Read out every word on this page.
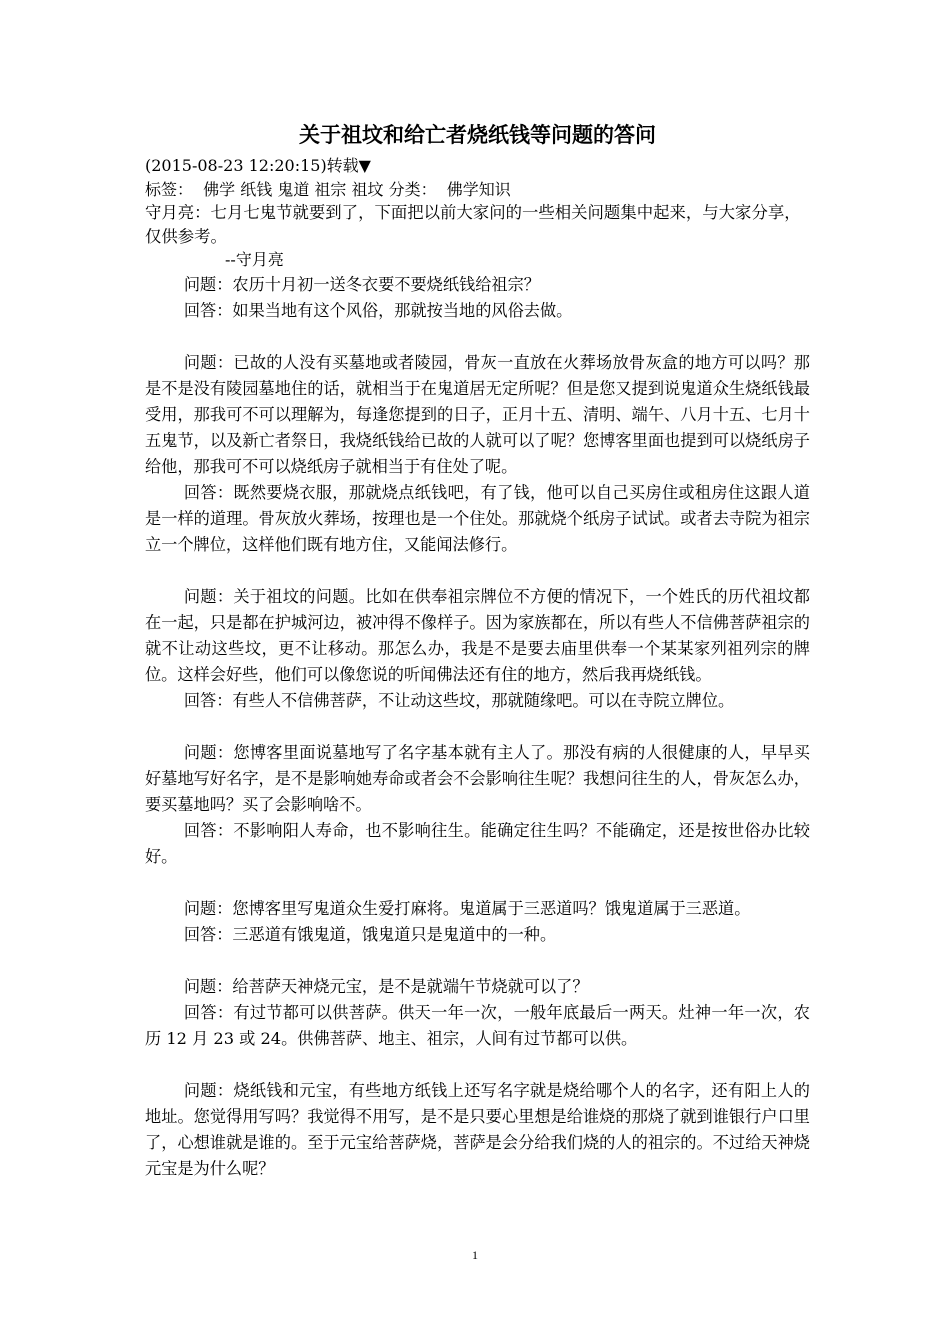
关于祖坟和给亡者烧纸钱等问题的答问

(2015-08-23 12:20:15)转载▼

标签：  佛学 纸钱 鬼道 祖宗 祖坟 分类：  佛学知识

守月亮：七月七鬼节就要到了，下面把以前大家问的一些相关问题集中起来，与大家分享，仅供参考。

--守月亮

问题：农历十月初一送冬衣要不要烧纸钱给祖宗？

回答：如果当地有这个风俗，那就按当地的风俗去做。

问题：已故的人没有买墓地或者陵园，骨灰一直放在火葬场放骨灰盒的地方可以吗？那是不是没有陵园墓地住的话，就相当于在鬼道居无定所呢？但是您又提到说鬼道众生烧纸钱最受用，那我可不可以理解为，每逢您提到的日子，正月十五、清明、端午、八月十五、七月十五鬼节，以及新亡者祭日，我烧纸钱给已故的人就可以了呢？您博客里面也提到可以烧纸房子给他，那我可不可以烧纸房子就相当于有住处了呢。

回答：既然要烧衣服，那就烧点纸钱吧，有了钱，他可以自己买房住或租房住这跟人道是一样的道理。骨灰放火葬场，按理也是一个住处。那就烧个纸房子试试。或者去寺院为祖宗立一个牌位，这样他们既有地方住，又能闻法修行。

问题：关于祖坟的问题。比如在供奉祖宗牌位不方便的情况下，一个姓氏的历代祖坟都在一起，只是都在护城河边，被冲得不像样子。因为家族都在，所以有些人不信佛菩萨祖宗的就不让动这些坟，更不让移动。那怎么办，我是不是要去庙里供奉一个某某家列祖列宗的牌位。这样会好些，他们可以像您说的听闻佛法还有住的地方，然后我再烧纸钱。

回答：有些人不信佛菩萨，不让动这些坟，那就随缘吧。可以在寺院立牌位。

问题：您博客里面说墓地写了名字基本就有主人了。那没有病的人很健康的人，早早买好墓地写好名字，是不是影响她寿命或者会不会影响往生呢？我想问往生的人，骨灰怎么办，要买墓地吗？买了会影响啥不。

回答：不影响阳人寿命，也不影响往生。能确定往生吗？不能确定，还是按世俗办比较好。

问题：您博客里写鬼道众生爱打麻将。鬼道属于三恶道吗？饿鬼道属于三恶道。

回答：三恶道有饿鬼道，饿鬼道只是鬼道中的一种。

问题：给菩萨天神烧元宝，是不是就端午节烧就可以了？

回答：有过节都可以供菩萨。供天一年一次，一般年底最后一两天。灶神一年一次，农历 12 月 23 或 24。供佛菩萨、地主、祖宗，人间有过节都可以供。

问题：烧纸钱和元宝，有些地方纸钱上还写名字就是烧给哪个人的名字，还有阳上人的地址。您觉得用写吗？我觉得不用写，是不是只要心里想是给谁烧的那烧了就到谁银行户口里了，心想谁就是谁的。至于元宝给菩萨烧，菩萨是会分给我们烧的人的祖宗的。不过给天神烧元宝是为什么呢？

1
